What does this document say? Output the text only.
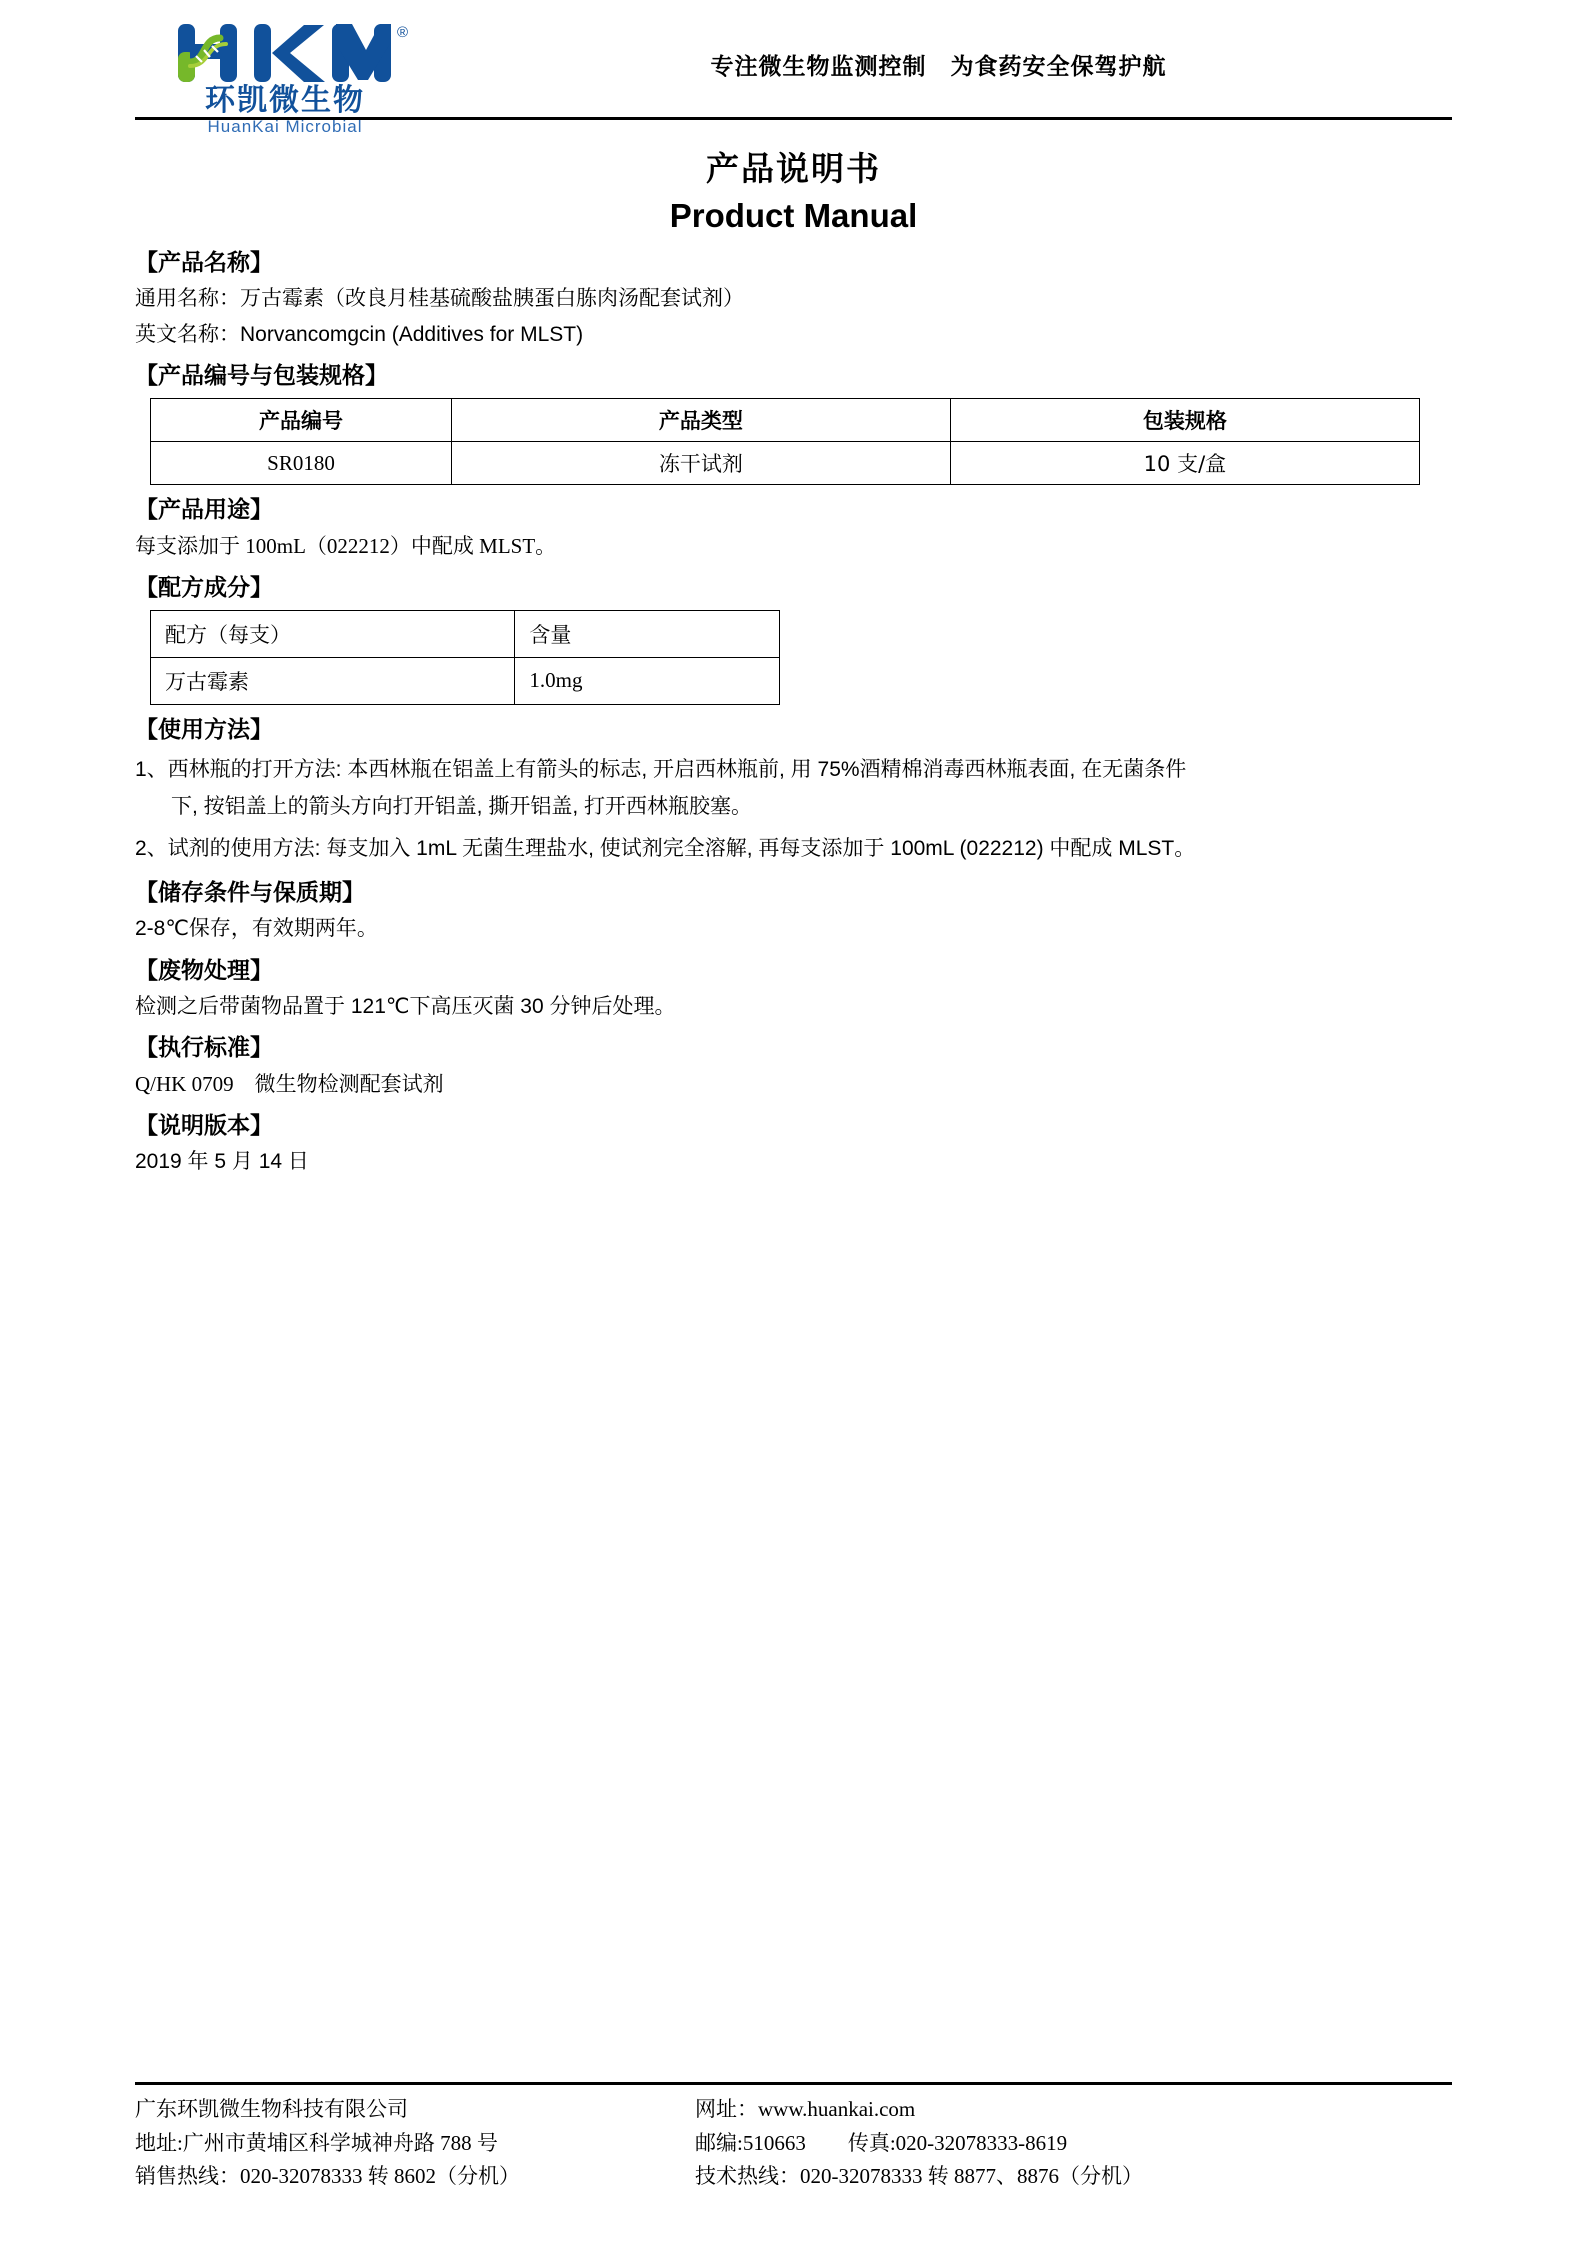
®
环凯微生物
HuanKai Microbial
专注微生物监测控制　为食药安全保驾护航
产品说明书
Product Manual
【产品名称】
通用名称：万古霉素（改良月桂基硫酸盐胰蛋白胨肉汤配套试剂）
英文名称：Norvancomgcin (Additives for MLST)
【产品编号与包装规格】
产品编号	产品类型	包装规格
SR0180	冻干试剂	10 支/盒
【产品用途】
每支添加于 100mL（022212）中配成 MLST。
【配方成分】
配方（每支）	含量
万古霉素	1.0mg
【使用方法】
1、西林瓶的打开方法: 本西林瓶在铝盖上有箭头的标志, 开启西林瓶前, 用 75%酒精棉消毒西林瓶表面, 在无菌条件
下, 按铝盖上的箭头方向打开铝盖, 撕开铝盖, 打开西林瓶胶塞。
2、试剂的使用方法: 每支加入 1mL 无菌生理盐水, 使试剂完全溶解, 再每支添加于 100mL (022212) 中配成 MLST。
【储存条件与保质期】
2-8℃保存，有效期两年。
【废物处理】
检测之后带菌物品置于 121℃下高压灭菌 30 分钟后处理。
【执行标准】
Q/HK 0709　微生物检测配套试剂
【说明版本】
2019 年 5 月 14 日
广东环凯微生物科技有限公司
地址:广州市黄埔区科学城神舟路 788 号
销售热线：020-32078333 转 8602（分机）
网址：www.huankai.com
邮编:510663　　传真:020-32078333-8619
技术热线：020-32078333 转 8877、8876（分机）
